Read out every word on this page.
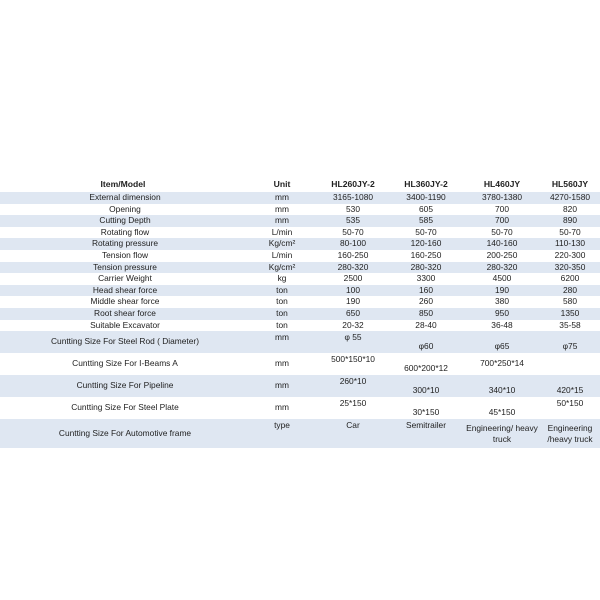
Item/Model	Unit	HL260JY-2	HL360JY-2	HL460JY	HL560JY
External dimension	mm	3165-1080	3400-1190	3780-1380	4270-1580
Opening	mm	530	605	700	820
Cutting Depth	mm	535	585	700	890
Rotating flow	L/min	50-70	50-70	50-70	50-70
Rotating pressure	Kg/cm²	80-100	120-160	140-160	110-130
Tension flow	L/min	160-250	160-250	200-250	220-300
Tension pressure	Kg/cm²	280-320	280-320	280-320	320-350
Carrier Weight	kg	2500	3300	4500	6200
Head shear force	ton	100	160	190	280
Middle shear force	ton	190	260	380	580
Root shear force	ton	650	850	950	1350
Suitable Excavator	ton	20-32	28-40	36-48	35-58
Cuntting Size For Steel Rod ( Diameter)	mm	φ 55	φ60	φ65	φ75
Cuntting Size For I-Beams A	mm	500*150*10	600*200*12	700*250*14	
Cuntting Size For Pipeline	mm	260*10	300*10	340*10	420*15
Cuntting Size For Steel Plate	mm	25*150	30*150	45*150	50*150
Cuntting Size For Automotive frame	type	Car	Semitrailer	Engineering/ heavy truck	Engineering /heavy truck
